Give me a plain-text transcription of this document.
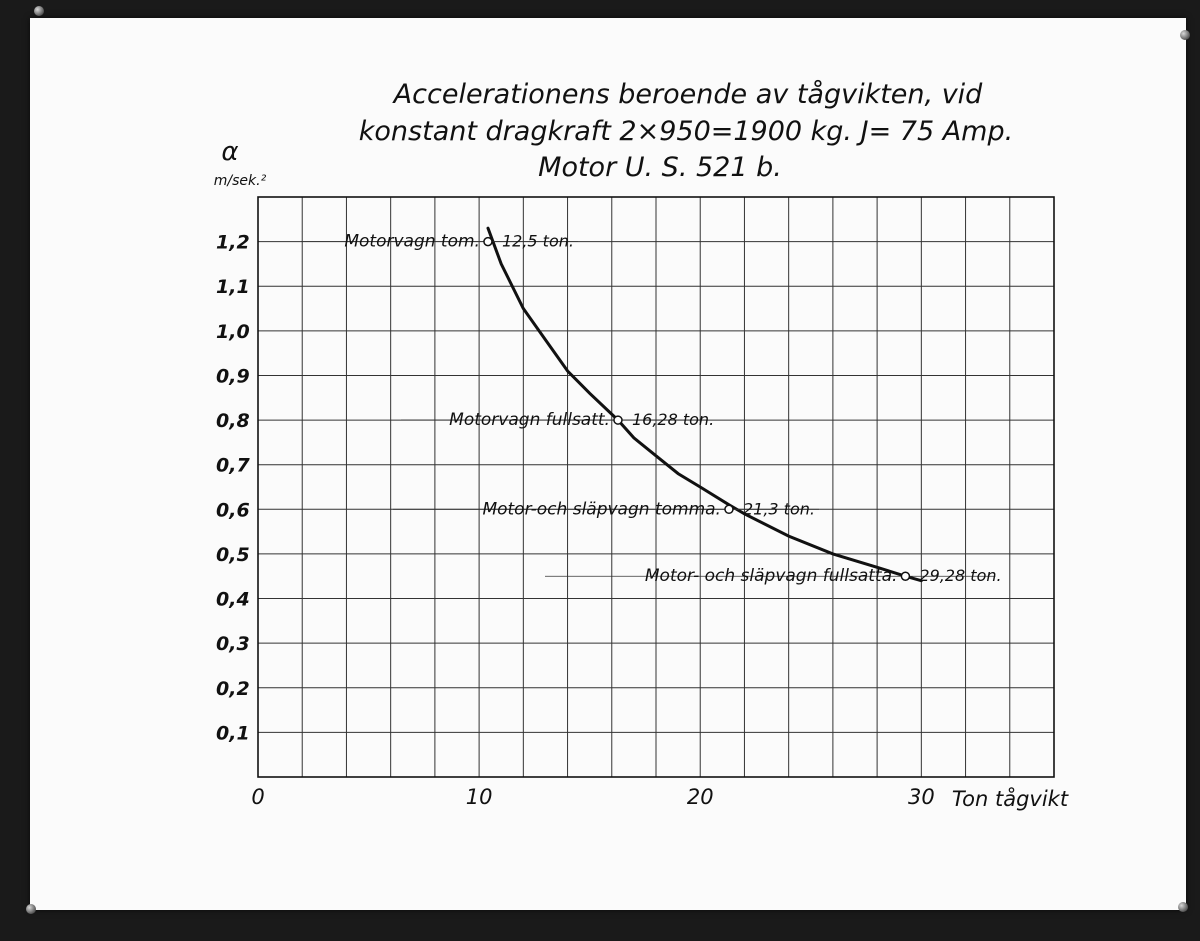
Accelerationens beroende av tågvikten, vid
konstant dragkraft 2×950=1900 kg. J= 75 Amp.
Motor U. S. 521 b.
α
m/sek.²
0	10	20	30
0,1
0,2
0,3
0,4
0,5
0,6
0,7
0,8
0,9
1,0
1,1
1,2
Ton tågvikt
Motorvagn tom. 12,5 ton.
Motorvagn fullsatt. 16,28 ton.
Motor-och släpvagn tomma. 21,3 ton.
Motor- och släpvagn fullsatta. 29,28 ton.
